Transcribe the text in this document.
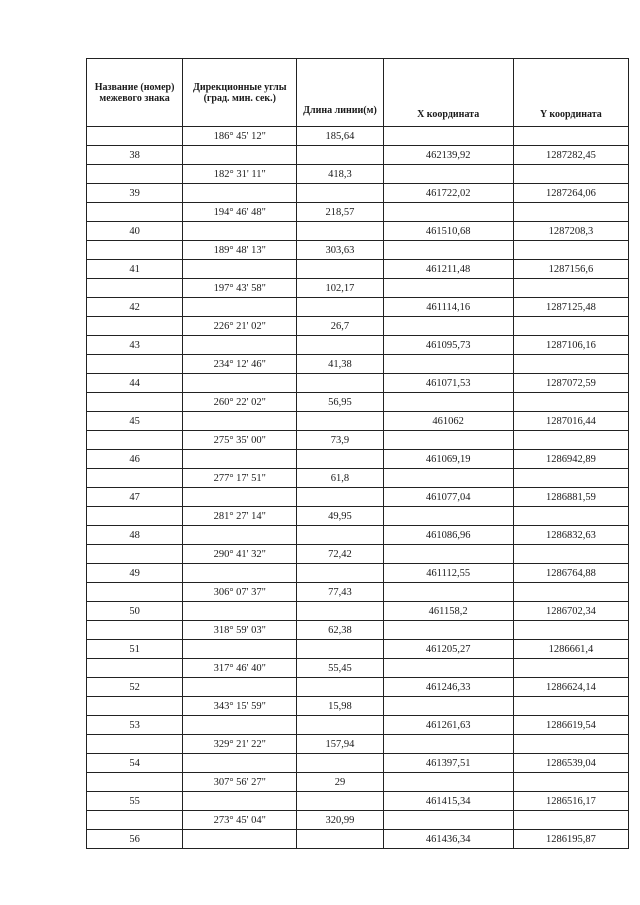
Название (номер) межевого знака	Дирекционные углы (град. мин. сек.)	Длина линии(м)	X координата	Y координата
	186° 45' 12"	185,64		
38			462139,92	1287282,45
	182° 31' 11"	418,3		
39			461722,02	1287264,06
	194° 46' 48"	218,57		
40			461510,68	1287208,3
	189° 48' 13"	303,63		
41			461211,48	1287156,6
	197° 43' 58"	102,17		
42			461114,16	1287125,48
	226° 21' 02"	26,7		
43			461095,73	1287106,16
	234° 12' 46"	41,38		
44			461071,53	1287072,59
	260° 22' 02"	56,95		
45			461062	1287016,44
	275° 35' 00"	73,9		
46			461069,19	1286942,89
	277° 17' 51"	61,8		
47			461077,04	1286881,59
	281° 27' 14"	49,95		
48			461086,96	1286832,63
	290° 41' 32"	72,42		
49			461112,55	1286764,88
	306° 07' 37"	77,43		
50			461158,2	1286702,34
	318° 59' 03"	62,38		
51			461205,27	1286661,4
	317° 46' 40"	55,45		
52			461246,33	1286624,14
	343° 15' 59"	15,98		
53			461261,63	1286619,54
	329° 21' 22"	157,94		
54			461397,51	1286539,04
	307° 56' 27"	29		
55			461415,34	1286516,17
	273° 45' 04"	320,99		
56			461436,34	1286195,87
